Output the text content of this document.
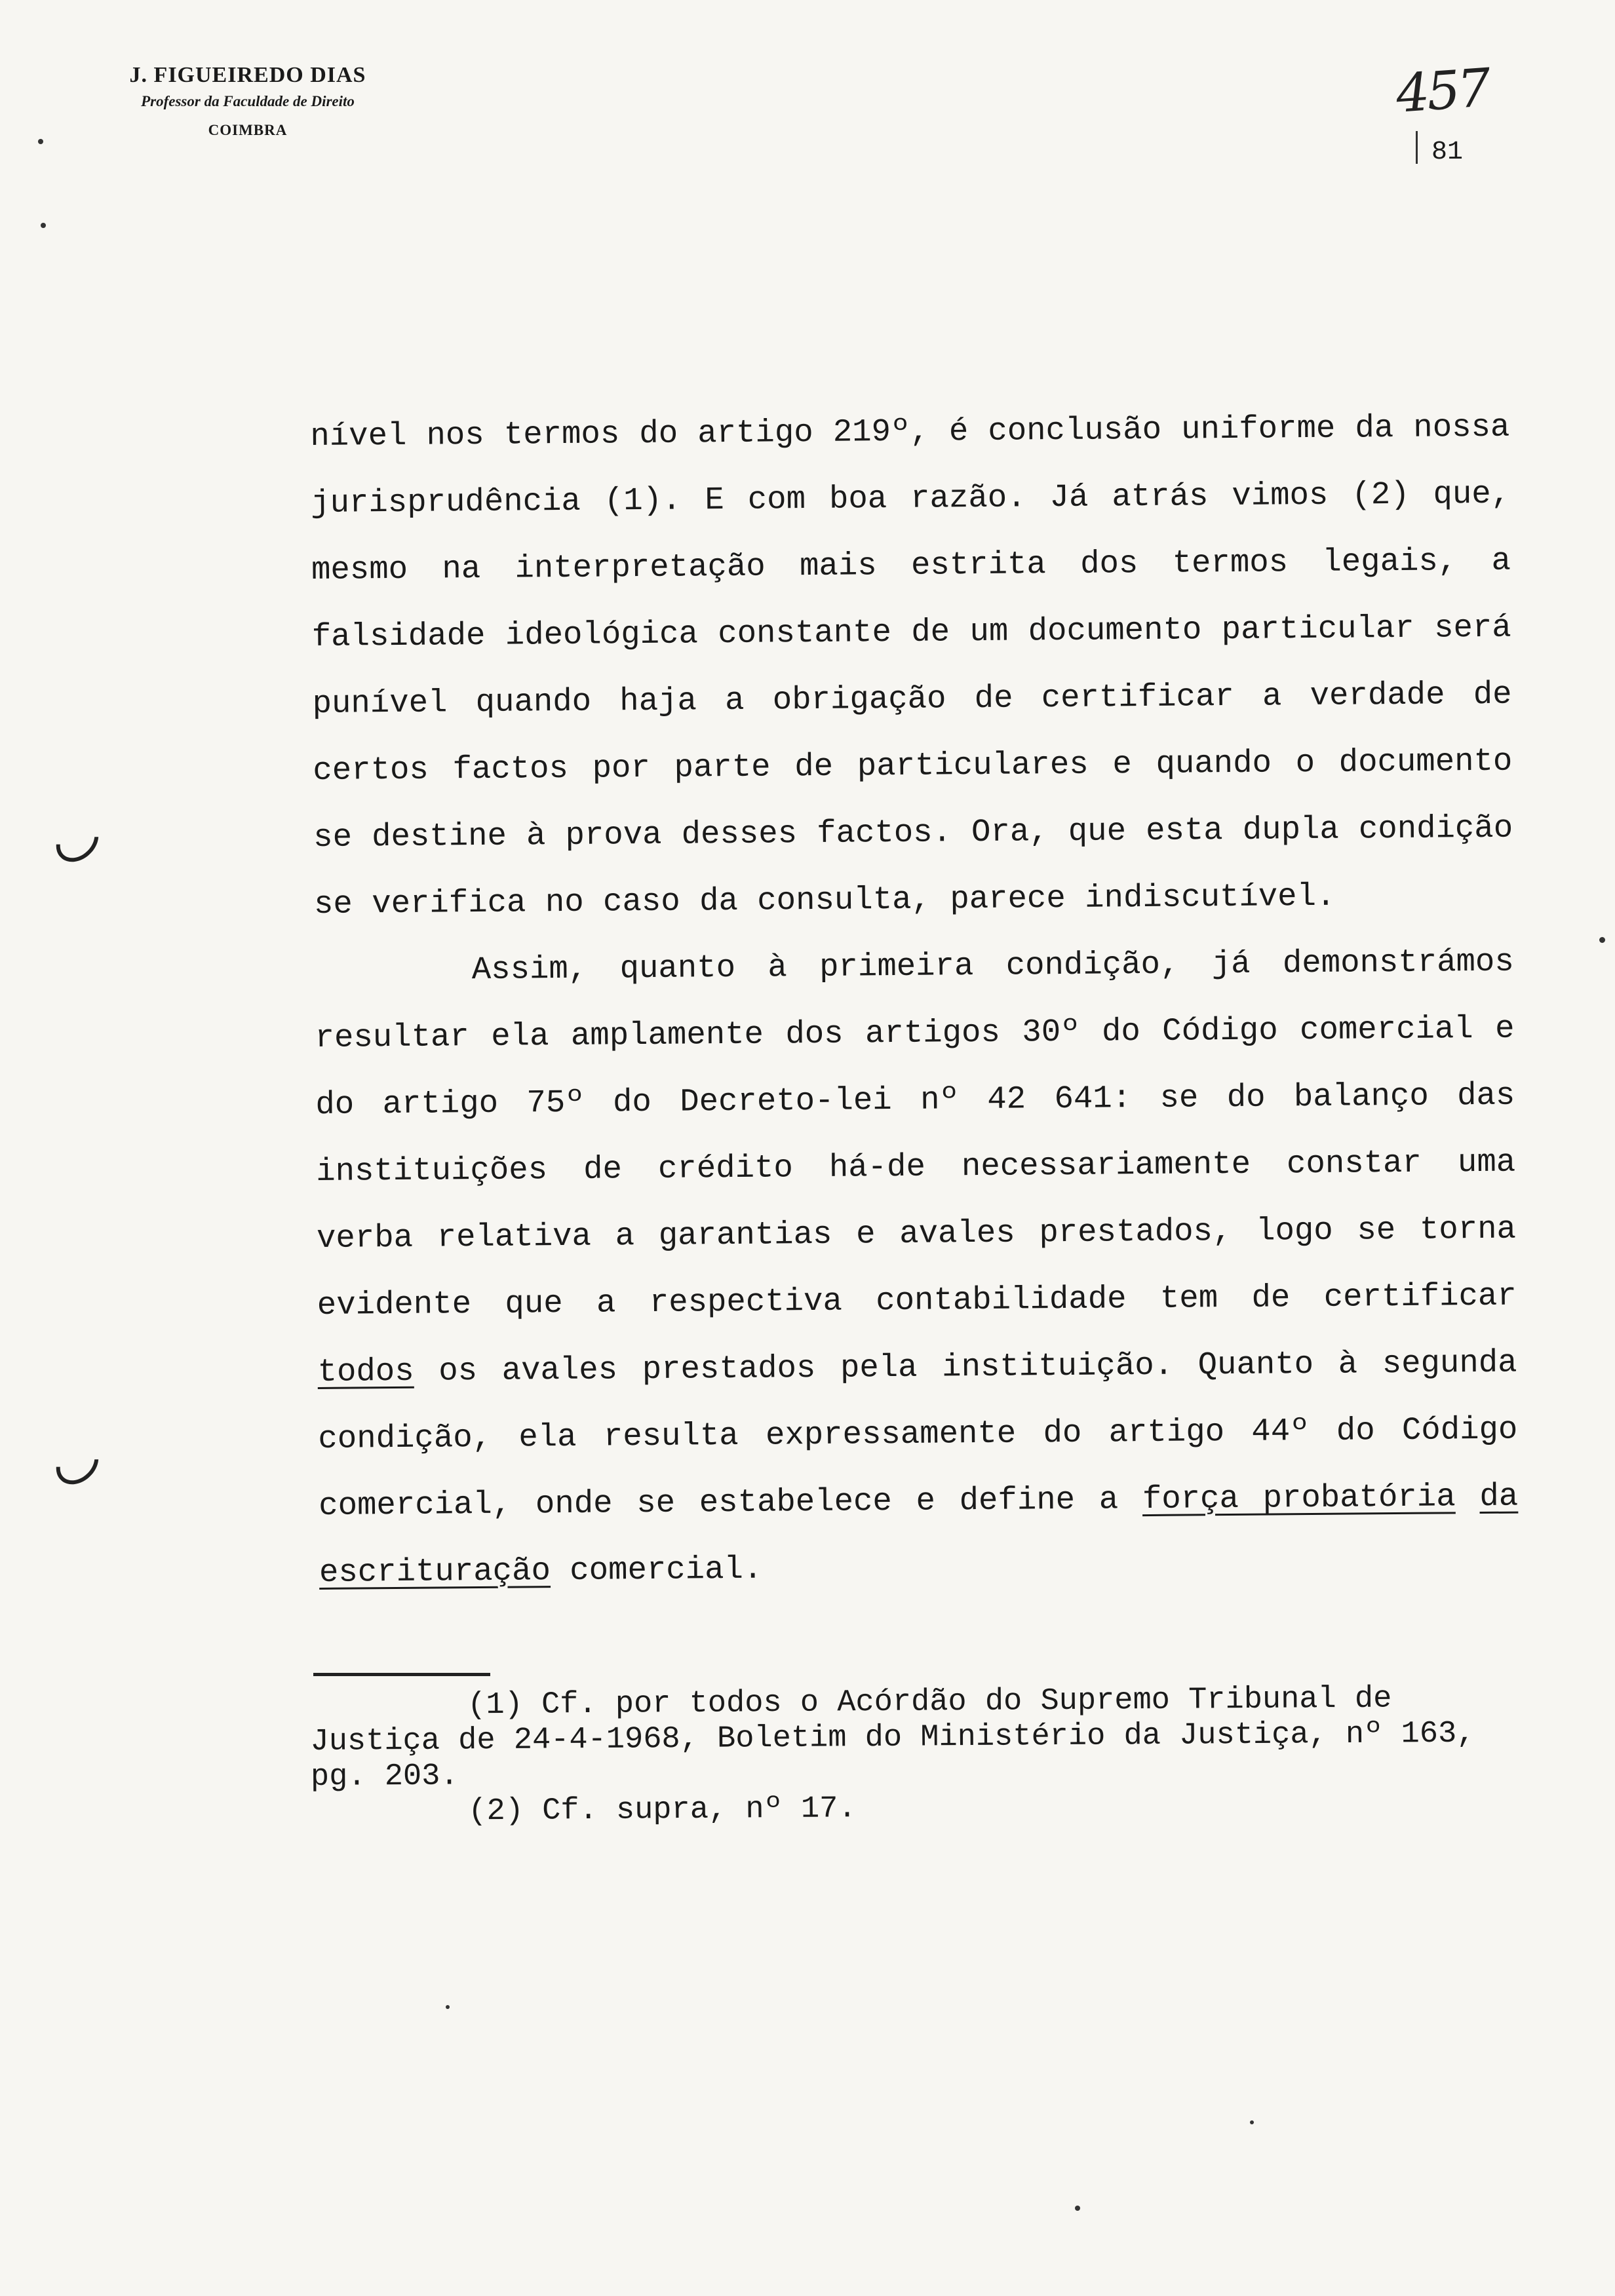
J. FIGUEIREDO DIAS
Professor da Faculdade de Direito
COIMBRA
457
81

nível nos termos do artigo 219º, é conclusão uniforme da nossa jurisprudência (1). E com boa razão. Já atrás vimos (2) que, mesmo na interpretação mais estrita dos termos legais, a falsidade ideológica constante de um documento particular será punível quando haja a obrigação de certificar a verdade de certos factos por parte de particulares e quando o documento se destine à prova desses factos. Ora, que esta dupla condição se verifica no caso da consulta, parece indiscutível.

Assim, quanto à primeira condição, já demonstrámos resultar ela amplamente dos artigos 30º do Código comercial e do artigo 75º do Decreto-lei nº 42 641: se do balanço das instituições de crédito há-de necessariamente constar uma verba relativa a garantias e avales prestados, logo se torna evidente que a respectiva contabilidade tem de certificar todos os avales prestados pela instituição. Quanto à segunda condição, ela resulta expressamente do artigo 44º do Código comercial, onde se estabelece e define a força probatória da escrituração comercial.

(1) Cf. por todos o Acórdão do Supremo Tribunal de Justiça de 24-4-1968, Boletim do Ministério da Justiça, nº 163, pg. 203.

(2) Cf. supra, nº 17.
